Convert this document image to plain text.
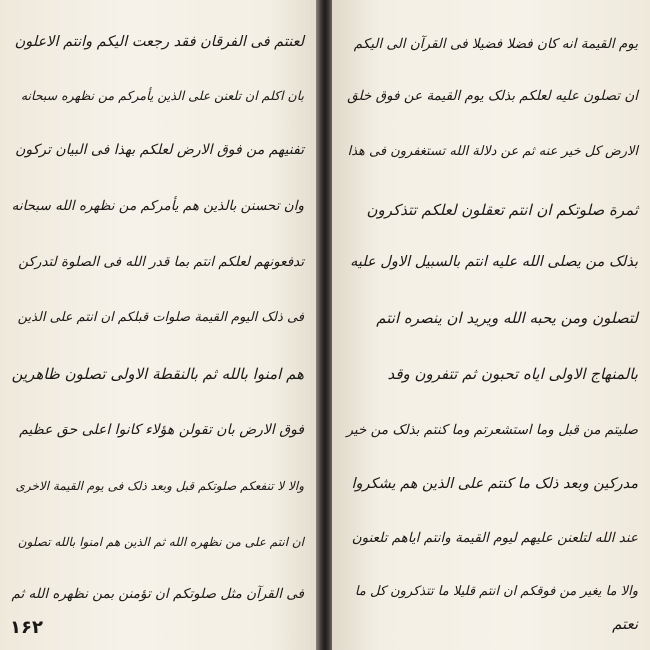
لعنتم فی الفرقان فقد رجعت الیکم وانتم الاعلون
بان اکلم ان تلعنن علی الذین یأمرکم من نظهره سبحانه
تفنیهم من فوق الارض لعلکم بهذا فی البیان ترکون
وان تحسنن بالذین هم یأمرکم من نظهره الله سبحانه
تدفعونهم لعلکم انتم بما قدر الله فی الصلوة لتدرکن
فی ذلک الیوم القیمة صلوات قبلکم ان انتم علی الذین
هم امنوا بالله ثم بالنقطة الاولی تصلون ظاهرین
فوق الارض بان تقولن هؤلاء کانوا اعلی حق عظیم
والا لا تنفعکم صلوتکم قبل وبعد ذلک فی یوم القیمة الاخری
ان انتم علی من نظهره الله ثم الذین هم امنوا بالله تصلون
فی القرآن مثل صلوتکم ان تؤمنن بمن نظهره الله ثم
١۶٢
یوم القیمة انه کان فضلا فضیلا فی القرآن الی الیکم
ان تصلون علیه لعلکم بذلک یوم القیمة عن فوق خلق
الارض کل خیر عنه ثم عن دلالة الله تستغفرون فی هذا
ثمرة صلوتکم ان انتم تعقلون لعلکم تتذکرون
بذلک من یصلی الله علیه انتم بالسبیل الاول علیه
لتصلون ومن یحبه الله ویرید ان ینصره انتم
بالمنهاج الاولی ایاه تحبون ثم تتفرون وقد
صلیتم من قبل وما استشعرتم وما کنتم بذلک من خیر
مدرکین وبعد ذلک ما کنتم علی الذین هم یشکروا
عند الله لتلعنن علیهم لیوم القیمة وانتم ایاهم تلعنون
والا ما یغیر من فوقکم ان انتم قلیلا ما تتذکرون کل ما
نعتم
